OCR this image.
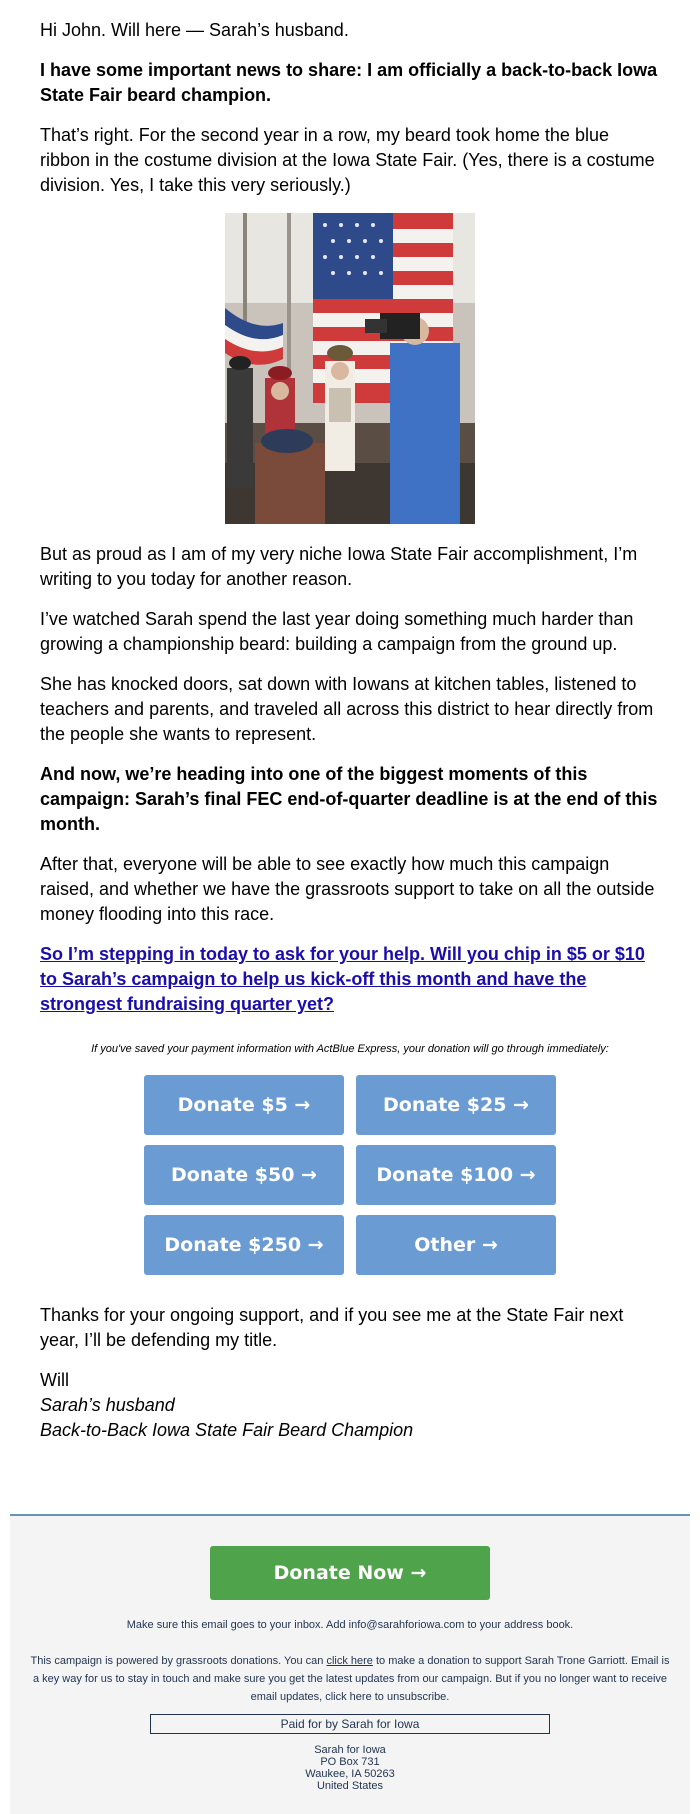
Hi John. Will here — Sarah’s husband.

I have some important news to share: I am officially a back-to-back Iowa State Fair beard champion.

That’s right. For the second year in a row, my beard took home the blue ribbon in the costume division at the Iowa State Fair. (Yes, there is a costume division. Yes, I take this very seriously.)

But as proud as I am of my very niche Iowa State Fair accomplishment, I’m writing to you today for another reason.

I’ve watched Sarah spend the last year doing something much harder than growing a championship beard: building a campaign from the ground up.

She has knocked doors, sat down with Iowans at kitchen tables, listened to teachers and parents, and traveled all across this district to hear directly from the people she wants to represent.

And now, we’re heading into one of the biggest moments of this campaign: Sarah’s final FEC end-of-quarter deadline is at the end of this month.

After that, everyone will be able to see exactly how much this campaign raised, and whether we have the grassroots support to take on all the outside money flooding into this race.

So I’m stepping in today to ask for your help. Will you chip in $5 or $10 to Sarah’s campaign to help us kick-off this month and have the strongest fundraising quarter yet?

If you've saved your payment information with ActBlue Express, your donation will go through immediately:
Donate $5 →	Donate $25 →
Donate $50 →	Donate $100 →
Donate $250 →	Other →

Thanks for your ongoing support, and if you see me at the State Fair next year, I’ll be defending my title.

Will

Sarah’s husband

Back-to-Back Iowa State Fair Beard Champion

Donate Now →
Make sure this email goes to your inbox. Add info@sarahforiowa.com to your address book.
This campaign is powered by grassroots donations. You can click here to make a donation to support Sarah Trone Garriott. Email is a key way for us to stay in touch and make sure you get the latest updates from our campaign. But if you no longer want to receive email updates, click here to unsubscribe.
Paid for by Sarah for Iowa
Sarah for Iowa
PO Box 731
Waukee, IA 50263
United States
